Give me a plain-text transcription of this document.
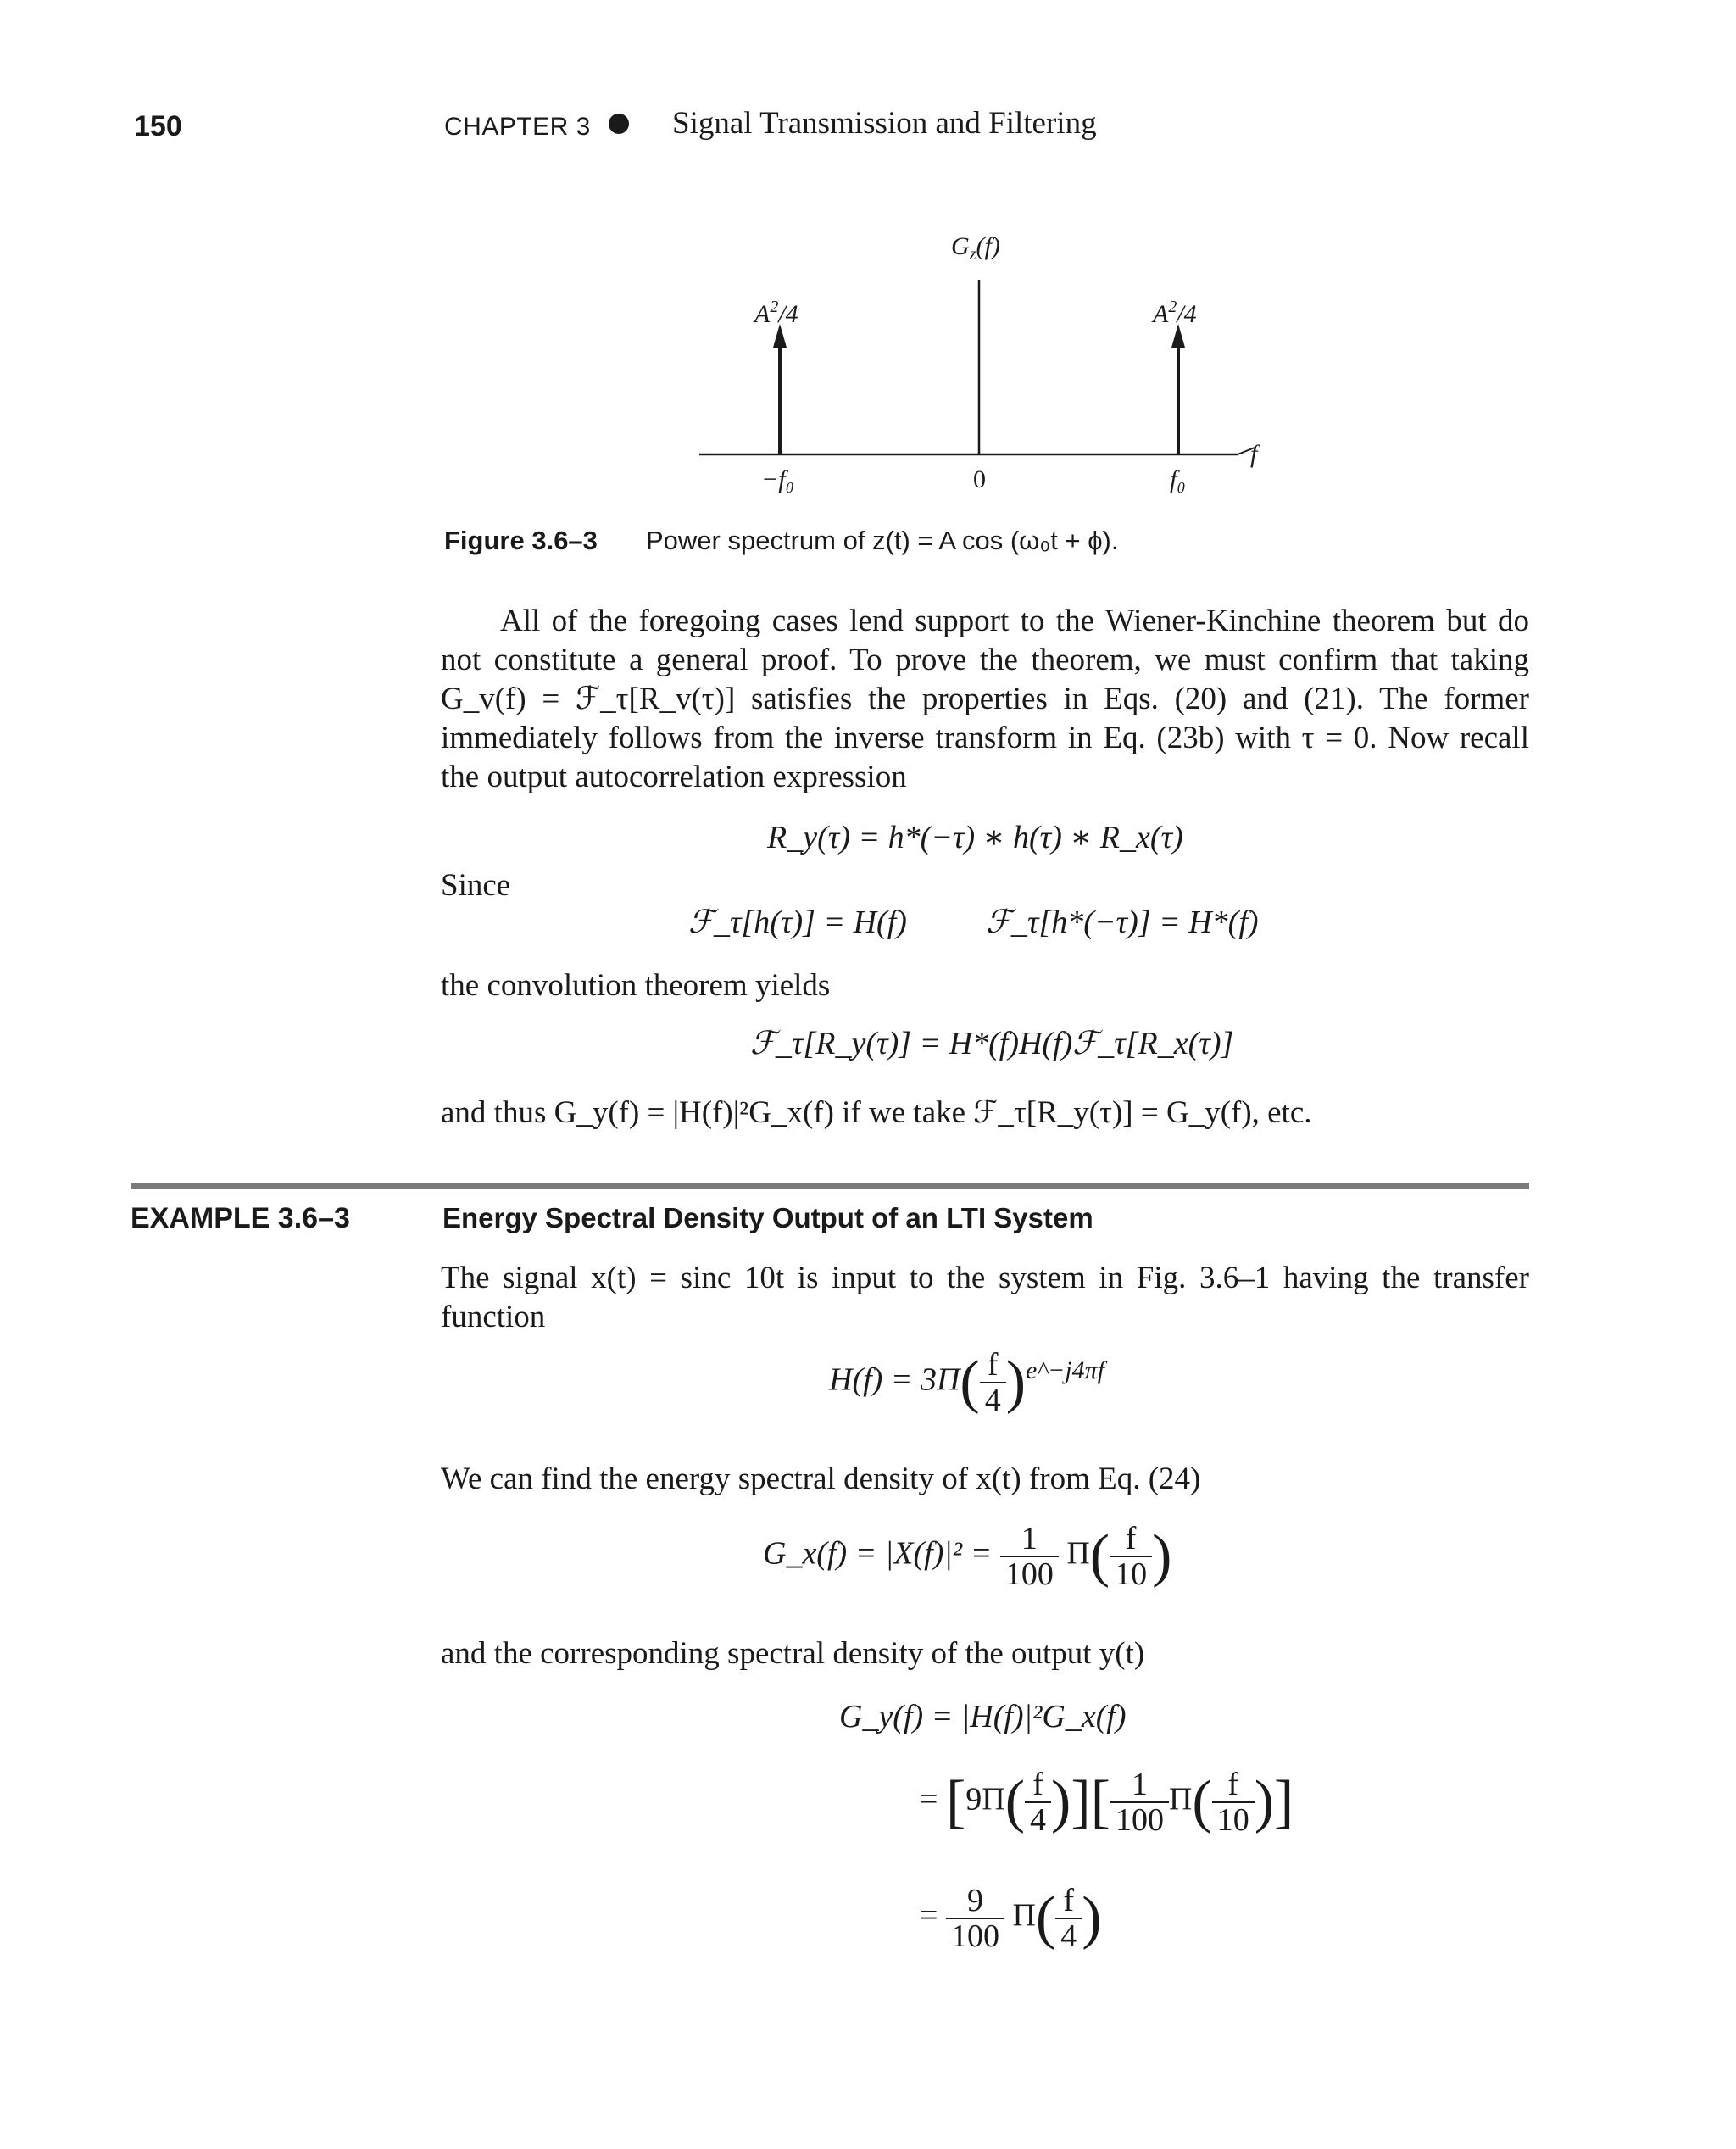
150	CHAPTER 3	Signal Transmission and Filtering
$G_z(f)$
$A^2/4$	$A^2/4$
−f₀	0	f₀
f
Figure 3.6–3 Power spectrum of z(t) = A cos (ω₀t + ϕ).
All of the foregoing cases lend support to the Wiener-Kinchine theorem but do not constitute a general proof. To prove the theorem, we must confirm that taking G_v(f) = ℱ_τ[R_v(τ)] satisfies the properties in Eqs. (20) and (21). The former immediately follows from the inverse transform in Eq. (23b) with τ = 0. Now recall the output autocorrelation expression
R_y(τ) = h*(−τ) ∗ h(τ) ∗ R_x(τ)
Since
ℱ_τ[h(τ)] = H(f) ℱ_τ[h*(−τ)] = H*(f)
the convolution theorem yields
ℱ_τ[R_y(τ)] = H*(f)H(f)ℱ_τ[R_x(τ)]
and thus G_y(f) = |H(f)|²G_x(f) if we take ℱ_τ[R_y(τ)] = G_y(f), etc.
EXAMPLE 3.6–3	Energy Spectral Density Output of an LTI System
The signal x(t) = sinc 10t is input to the system in Fig. 3.6–1 having the transfer function
$H(f) = 3\Pi( \frac{f}{4} )^{e\^{}-j4\pi f}$
We can find the energy spectral density of x(t) from Eq. (24)
G_x(f) = $|X(f)|^2 = \frac{1}{100} \Pi( \frac{f}{10}$ )
and the corresponding spectral density of the output y(t)
G_y(f) = |H(f)|²G_x(f)
= [$9\Pi( \frac{f}{4}$ )][ $\frac{1}{100} \Pi( \frac{f}{10}$ )]
= $\frac{9}{100} \Pi( \frac{f}{4}$ )
